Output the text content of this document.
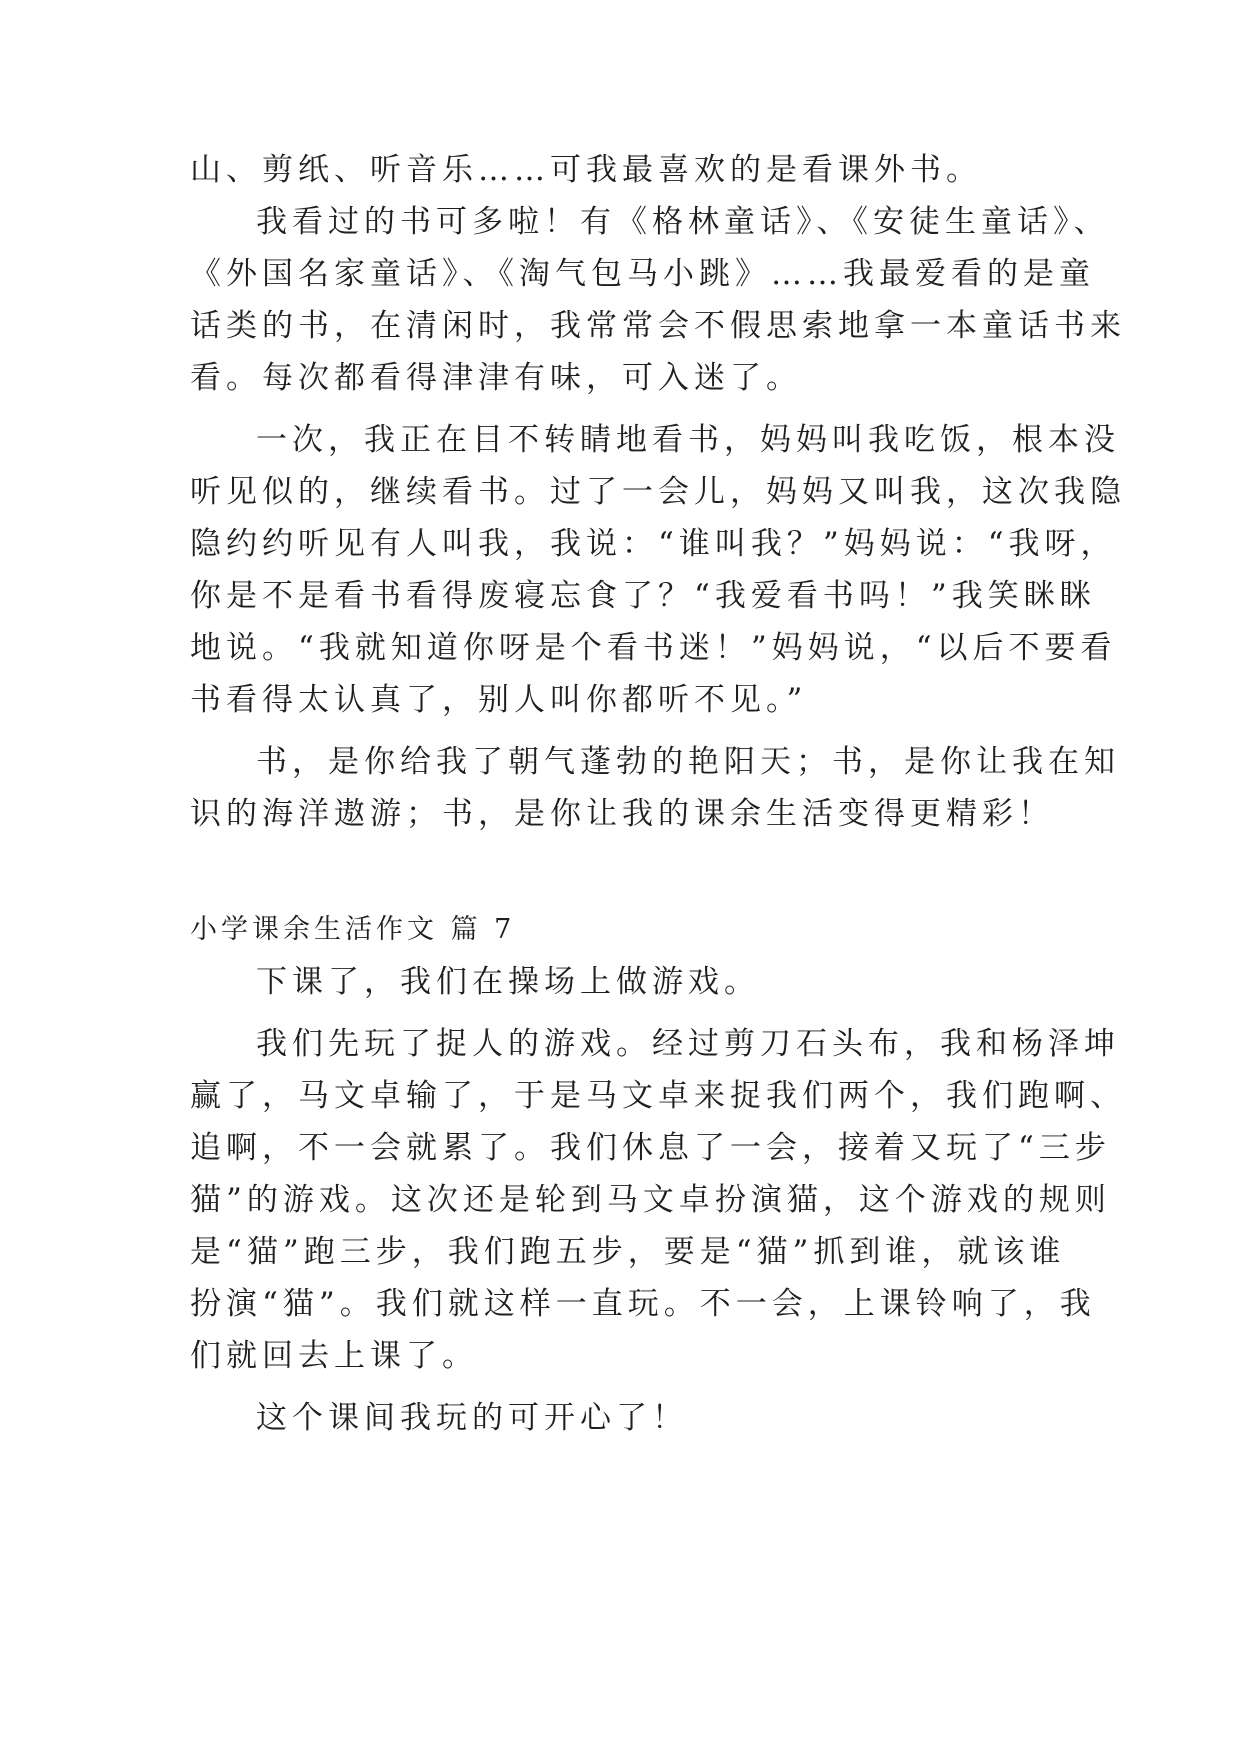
山、剪纸、听音乐……可我最喜欢的是看课外书。
我看过的书可多啦！有《格林童话》、《安徒生童话》、
《外国名家童话》、《淘气包马小跳》……我最爱看的是童
话类的书，在清闲时，我常常会不假思索地拿一本童话书来
看。每次都看得津津有味，可入迷了。
一次，我正在目不转睛地看书，妈妈叫我吃饭，根本没
听见似的，继续看书。过了一会儿，妈妈又叫我，这次我隐
隐约约听见有人叫我，我说：“谁叫我？”妈妈说：“我呀，
你是不是看书看得废寝忘食了？“我爱看书吗！”我笑眯眯
地说。“我就知道你呀是个看书迷！”妈妈说，“以后不要看
书看得太认真了，别人叫你都听不见。”
书，是你给我了朝气蓬勃的艳阳天；书，是你让我在知
识的海洋遨游；书，是你让我的课余生活变得更精彩！
小学课余生活作文 篇 7
下课了，我们在操场上做游戏。
我们先玩了捉人的游戏。经过剪刀石头布，我和杨泽坤
赢了，马文卓输了，于是马文卓来捉我们两个，我们跑啊、
追啊，不一会就累了。我们休息了一会，接着又玩了“三步
猫”的游戏。这次还是轮到马文卓扮演猫，这个游戏的规则
是“猫”跑三步，我们跑五步，要是“猫”抓到谁，就该谁
扮演“猫”。我们就这样一直玩。不一会，上课铃响了，我
们就回去上课了。
这个课间我玩的可开心了！
